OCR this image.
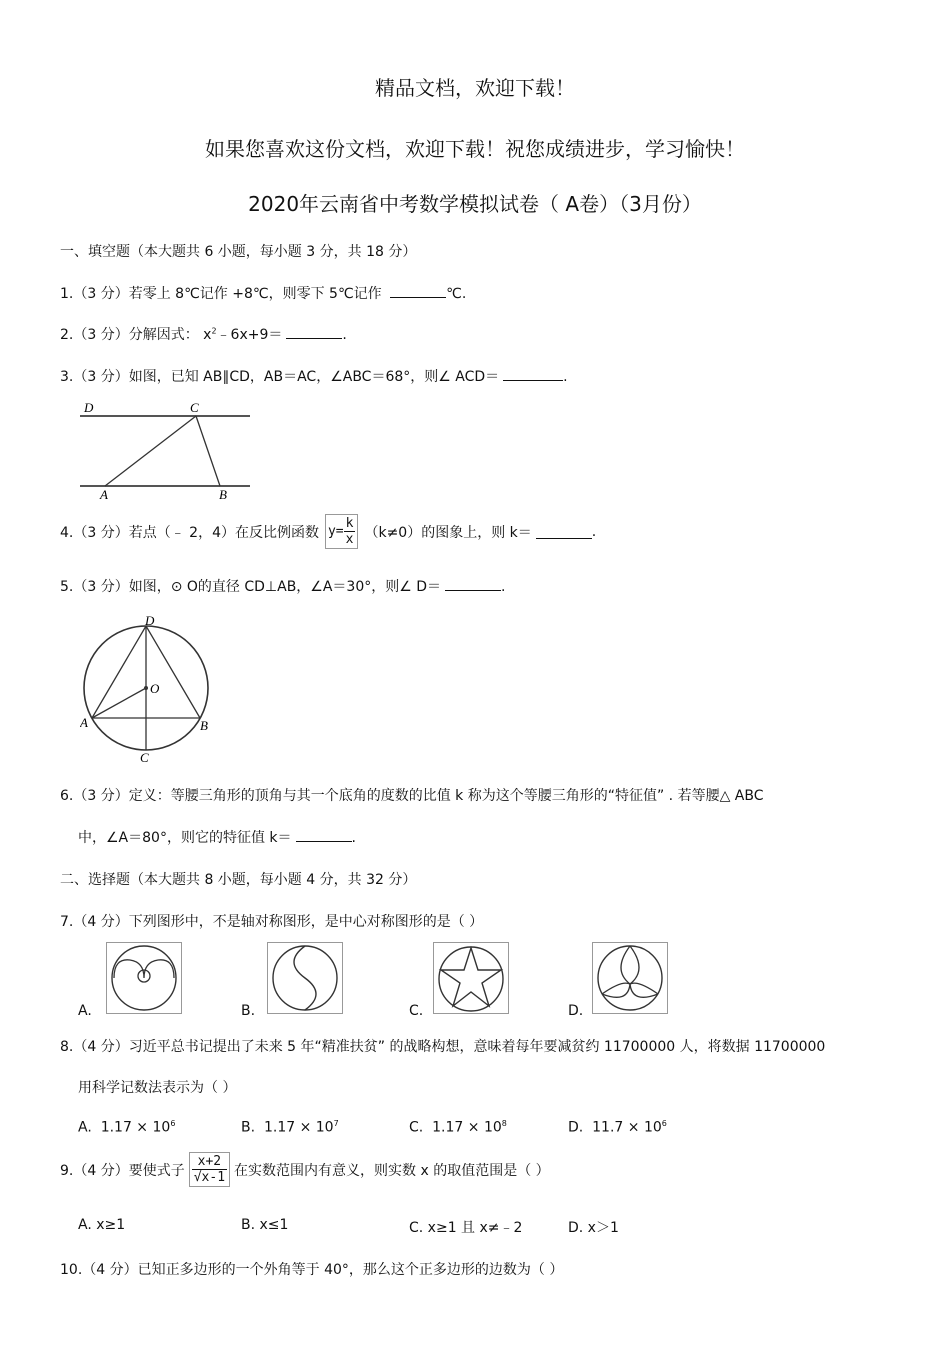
精品文档，欢迎下载！
如果您喜欢这份文档，欢迎下载！祝您成绩进步，学习愉快！
2020年云南省中考数学模拟试卷（ A卷）（3月份）
一、填空题（本大题共 6 小题，每小题 3 分，共 18 分）
1.（3 分）若零上 8℃记作 +8℃，则零下 5℃记作	℃.
2.（3 分）分解因式： $x^2﹣6x+9=$	.
3.（3 分）如图，已知 AB∥CD，AB＝AC，∠ABC＝68°，则∠ ACD＝	.
D	C
A	B
4.（3 分）若点（﹣ 2，4）在反比例函数 $y= \frac{k}{x} (k\ne 0)$的图象上，则 k＝	.
5.（3 分）如图，⊙ O的直径 CD⊥AB，∠A＝30°，则∠ D＝	.
D
O
A	B
C
6.（3 分）定义：等腰三角形的顶角与其一个底角的度数的比值 k 称为这个等腰三角形的“特征值” . 若等腰△ ABC
中，∠A＝80°，则它的特征值 k＝	.
二、选择题（本大题共 8 小题，每小题 4 分，共 32 分）
7.（4 分）下列图形中，不是轴对称图形，是中心对称图形的是（ ）
A.	B.	C.	D.
8.（4 分）习近平总书记提出了未来 5 年“精准扶贫” 的战略构想，意味着每年要减贫约 11700000 人，将数据 11700000
用科学记数法表示为（ ）
A. $1.17 \times 10^6$	B. $1.17 \times 10^7$	C. $1.17 \times 10^8$	D. $11.7 \times 10^6$
9.（4 分）要使式子 $\frac{x+2}{√x-1}$ 在实数范围内有意义，则实数 x 的取值范围是（ ）
A. x≥1	B. x≤1	C. x≥1 且 x≠﹣2	D. x＞1
10.（4 分）已知正多边形的一个外角等于 40°，那么这个正多边形的边数为（ ）
